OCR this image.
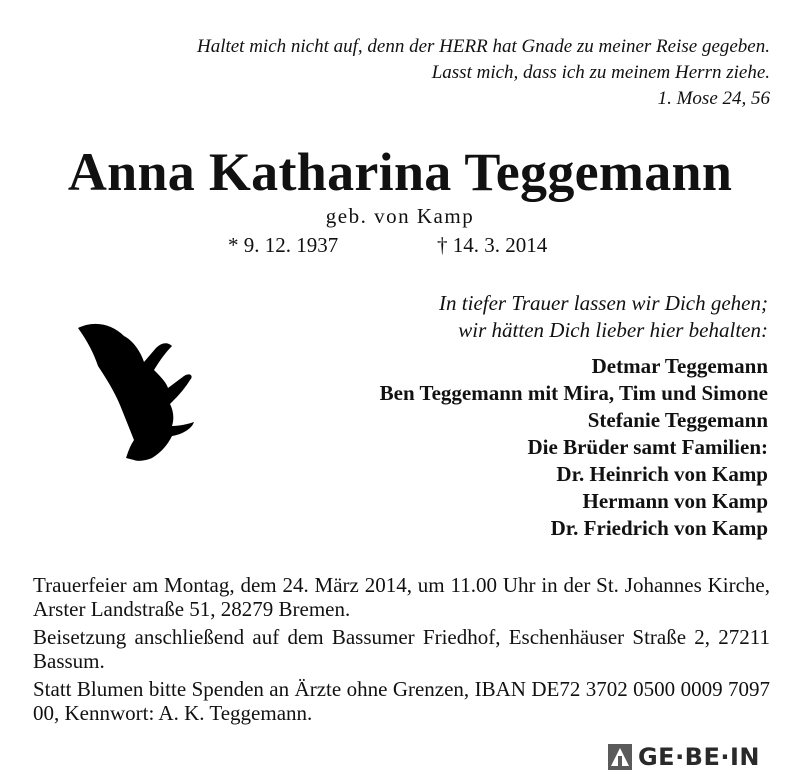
Haltet mich nicht auf, denn der HERR hat Gnade zu meiner Reise gegeben.
Lasst mich, dass ich zu meinem Herrn ziehe.
1. Mose 24, 56
Anna Katharina Teggemann
geb. von Kamp
* 9. 12. 1937	† 14. 3. 2014
In tiefer Trauer lassen wir Dich gehen;
wir hätten Dich lieber hier behalten:
Detmar Teggemann
Ben Teggemann mit Mira, Tim und Simone
Stefanie Teggemann
Die Brüder samt Familien:
Dr. Heinrich von Kamp
Hermann von Kamp
Dr. Friedrich von Kamp

Trauerfeier am Montag, dem 24. März 2014, um 11.00 Uhr in der St. Johannes Kirche, Arster Landstraße 51, 28279 Bremen.

Beisetzung anschließend auf dem Bassumer Friedhof, Eschenhäuser Straße 2, 27211 Bassum.

Statt Blumen bitte Spenden an Ärzte ohne Grenzen, IBAN DE72 3702 0500 0009 7097 00, Kennwort: A. K. Teggemann.

GE·BE·IN
